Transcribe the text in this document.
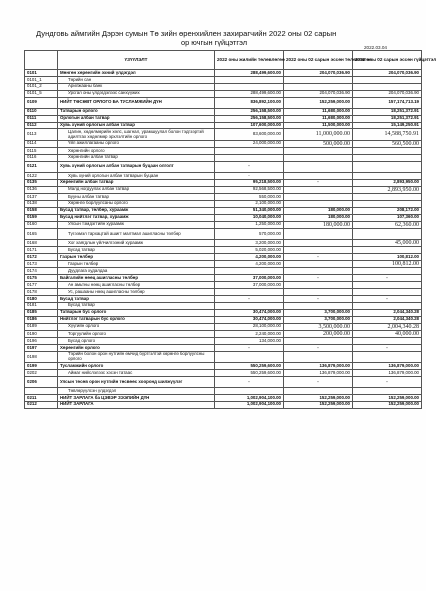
Дундговь аймгийн Дэрэн сумын Тө зийн өренхийлен захирагчийн 2022 оны 02 сарын
ор ючгын гүйцэтгэл
2022.03.04
	ҮЗҮҮЛЭЛТ	2022 оны жилийн төлөвлөгөө	2022 оны 02 сарын эссөн төлөвлөгөө	2022 оны 02 сарын эссөн гүйцэтгэл
0101	Мөнгөн хөрөнгийн эхний үлдэгдэл	288,499,600.00	204,070,036.90	204,070,036.90
0101_1	Төрийн сан			
0101_2	Арилжааны банк			
0101_5	Урсгал оны үлдэгдэлээс санхүүжих	288,499,600.00	204,070,036.90	204,070,036.90
0109	НИЙТ ТӨСӨВТ ОРЛОГО БА ТУСЛАМЖИЙН ДҮН	836,892,100.00	152,259,000.00	157,174,713.19
0110	Татварын орлого	256,158,500.00	11,680,000.00	18,251,372.91
0111	Орлогын албан татвар	256,158,500.00	11,680,000.00	18,251,372.91
0112	Хувь хүний орлогын албан татвар	107,600,000.00	11,500,000.00	15,149,250.91
0113	Цалин, хөдөлмөрийн хөлс, шагнал, урамшуулал болон тэдгээртэй адилтгах хөдөлмөр эрхлэлтийн орлого	83,600,000.00	11,000,000.00	14,588,750.91
0114	Үйл ажиллагааны орлого	24,000,000.00	500,000.00	560,500.00
0115	Хөрөнгийн орлого			
0116	Хөрөнгийн албан татвар			
0121	Хувь хүний орлогын албан татварын буцаан олголт	-		
0122	Хувь хүний орлогын албан татварын буцаан	-		
0135	Хөрөнгийн албан татвар	95,218,500.00	-	2,893,950.00
0136	Малд ногдуулах албан татвар	92,568,500.00		2,893,950.00
0137	Бууны албан татвар	550,000.00		
0138	Хөрөнгө борлуулсаны орлого	2,100,000.00		
0158	Бусад татвар, төлбөр, хураамж	51,340,000.00	180,000.00	208,172.00
0159	Бусад нийтлэг татвар, хураамж	10,040,000.00	180,000.00	107,360.00
0160	Улсын тэмдэгтийн хураамж	1,250,000.00	180,000.00	62,360.00
0165	Түгээмэл тархацтай ашигт малтмал ашигласны төлбөр	570,000.00		
0168	Хог хаягдлын үйлчилгээний хураамж	3,200,000.00		45,000.00
0171	Бусад татвар	5,020,000.00		
0172	Газрын төлбөр	4,200,000.00	-	100,812.00
0173	Газрын төлбөр	4,200,000.00		100,812.00
0174	Дуудлага худалдаа			
0175	Байгалийн нөөц ашигласны төлбөр	37,000,000.00	-	-
0177	Ан амьтны нөөц ашигласны төлбөр	37,000,000.00		
0178	Ус, рашааны нөөц ашигласны төлбөр			
0180	Бусад татвар	-	-	-
0181	Бусад татвар			
0185	Татварын бус орлого	30,474,000.00	3,700,000.00	2,044,340.28
0186	Нийтлэг татварын бус орлого	30,474,000.00	3,700,000.00	2,044,340.28
0189	Хүүгийн орлого	28,100,000.00	3,500,000.00	2,004,340.28
0190	Торгуулийн орлого	2,240,000.00	200,000.00	40,000.00
0196	Бусад орлого	134,000.00		
0197	Хөрөнгийн орлого	-	-	-
0198	Тәрийн болон орон нутгийн өмчид бүртгэлтэй хөрөнгө борлуулсны орлого			
0199	Тусламжийн орлого	550,259,600.00	136,879,000.00	136,879,000.00
0202	Аймаг нийслэлээс хэсэн татаас	550,259,600.00	136,879,000.00	136,879,000.00
0206	Улсын төсөв орон нутгийн төсвөөс хооронд шилжүүлэг	-	-	-
	Төвлөрүүлсэн үлдэгдэл			
0211	НИЙТ ЗАРЛАГА ба ЦЭВЭР ЗЭЭЛИЙН ДҮН	1,002,904,100.00	152,259,000.00	152,259,000.00
0212	НИЙТ ЗАРЛАГА	1,002,904,100.00	152,259,000.00	152,259,000.00
